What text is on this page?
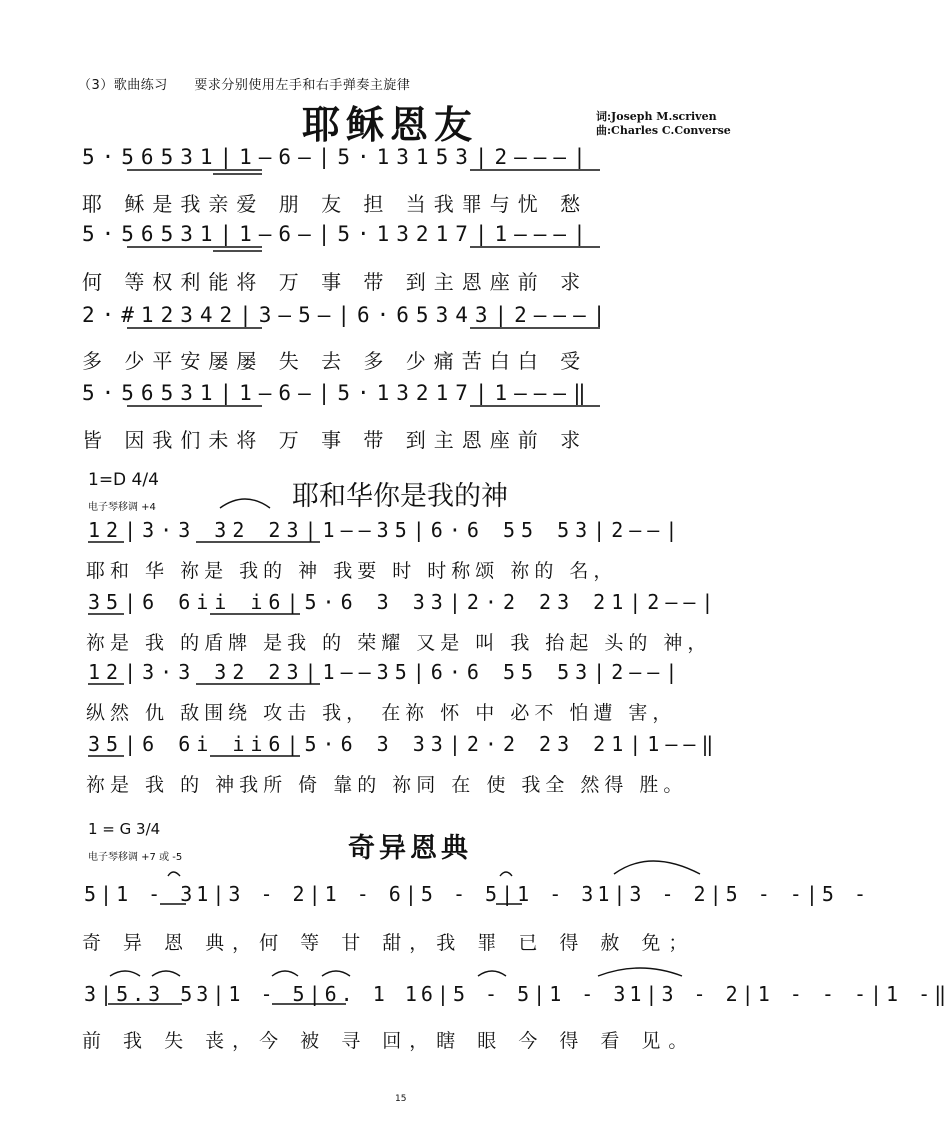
（3）歌曲练习 要求分别使用左手和右手弹奏主旋律
耶稣恩友	词:Joseph M.scriven
曲:Charles C.Converse
5·56531|1—6—|5·13153|2———|
耶 稣是我亲爱 朋 友 担 当我罪与忧 愁
5·56531|1—6—|5·13217|1———|
何 等权利能将 万 事 带 到主恩座前 求
2·#12342|3—5—|6·65343|2———|
多 少平安屡屡 失 去 多 少痛苦白白 受
5·56531|1—6—|5·13217|1———‖
皆 因我们未将 万 事 带 到主恩座前 求
1=D 4/4
电子琴移调 +4	耶和华你是我的神
12|3·3 32 23|1——35|6·6 55 53|2——|
耶和 华 祢是 我的 神 我要 时 时称颂 祢的 名，
35|6 6ii i6|5·6 3 33|2·2 23 21|2——|
祢是 我 的盾牌 是我 的 荣耀 又是 叫 我 抬起 头的 神，
12|3·3 32 23|1——35|6·6 55 53|2——|
纵然 仇 敌围绕 攻击 我， 在祢 怀 中 必不 怕遭 害，
35|6 6i iі6|5·6 3 33|2·2 23 21|1——‖
祢是 我 的 神我所 倚 靠的 祢同 在 使 我全 然得 胜。
1 = G 3/4
电子琴移调 +7 或 -5	奇异恩典
5|1 - 31|3 - 2|1 - 6|5 - 5|1 - 31|3 - 2|5 - -|5 -
奇 异 恩 典，何 等 甘 甜，我 罪 已 得 赦 免；
3|5.3 53|1 - 5|6. 1 16|5 - 5|1 - 31|3 - 2|1 - - -|1 -‖
前 我 失 丧，今 被 寻 回，瞎 眼 今 得 看 见。
15
